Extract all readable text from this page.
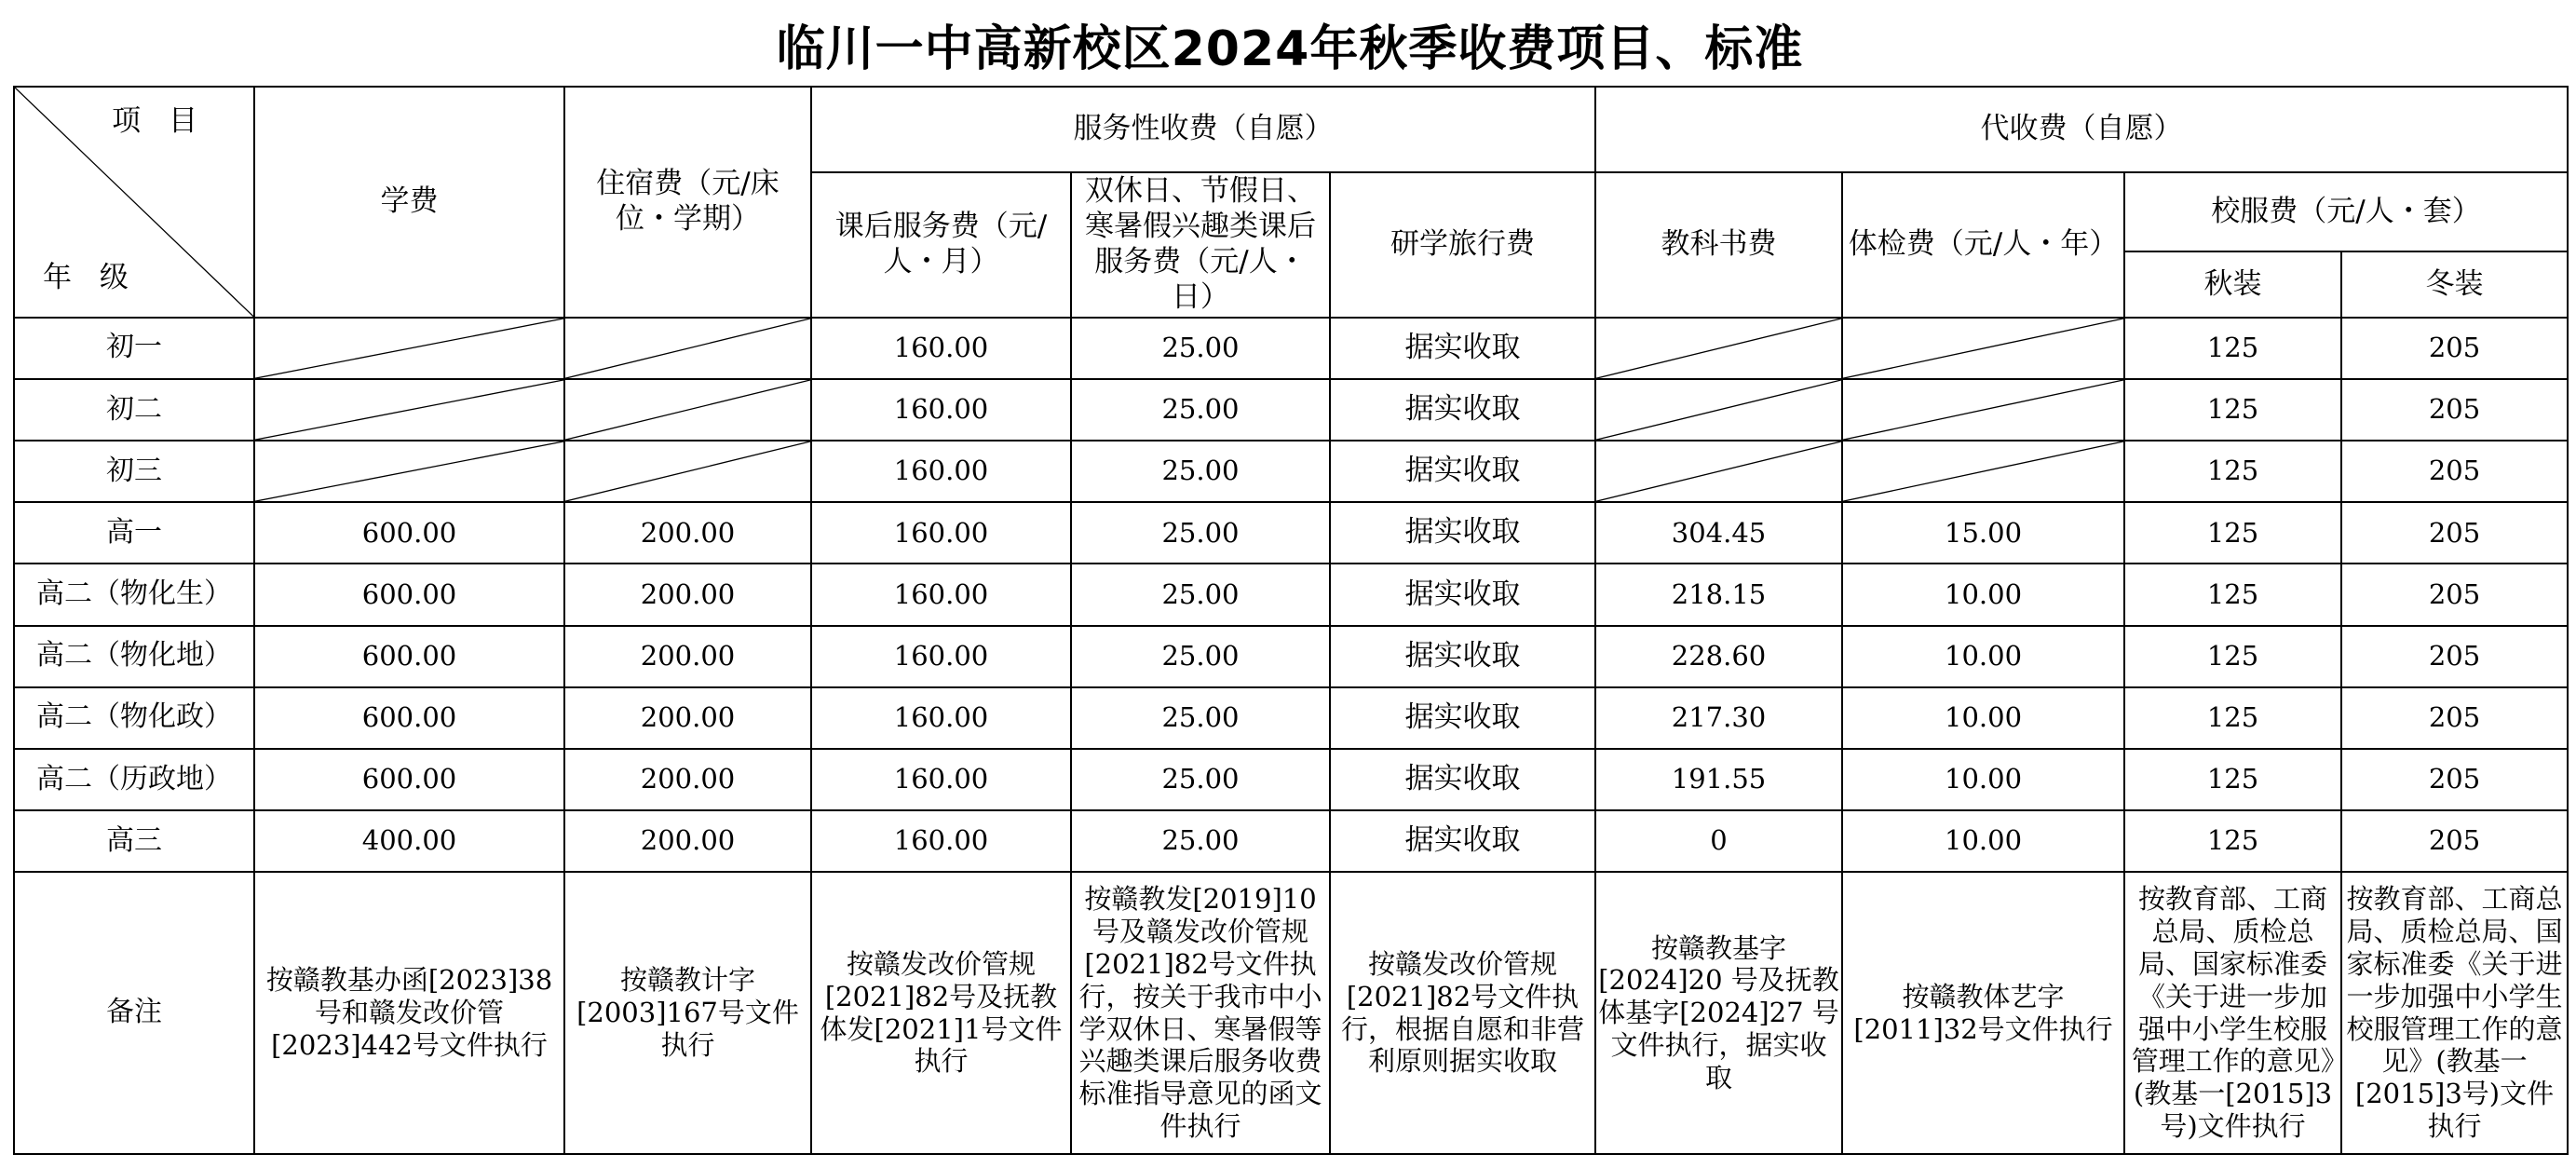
临川一中高新校区2024年秋季收费项目、标准
项 目
年 级	学费	住宿费（元/床位・学期）	服务性收费（自愿）			代收费（自愿）			
			课后服务费（元/人・月）	双休日、节假日、寒暑假兴趣类课后服务费（元/人・日）	研学旅行费	教科书费	体检费（元/人・年）	校服费（元/人・套）	
								秋装	冬装
初一			160.00	25.00	据实收取			125	205
初二			160.00	25.00	据实收取			125	205
初三			160.00	25.00	据实收取			125	205
高一	600.00	200.00	160.00	25.00	据实收取	304.45	15.00	125	205
高二（物化生）	600.00	200.00	160.00	25.00	据实收取	218.15	10.00	125	205
高二（物化地）	600.00	200.00	160.00	25.00	据实收取	228.60	10.00	125	205
高二（物化政）	600.00	200.00	160.00	25.00	据实收取	217.30	10.00	125	205
高二（历政地）	600.00	200.00	160.00	25.00	据实收取	191.55	10.00	125	205
高三	400.00	200.00	160.00	25.00	据实收取	0	10.00	125	205
备注	按赣教基办函[2023]38号和赣发改价管[2023]442号文件执行	按赣教计字[2003]167号文件执行	按赣发改价管规[2021]82号及抚教体发[2021]1号文件执行	按赣教发[2019]10号及赣发改价管规[2021]82号文件执行，按关于我市中小学双休日、寒暑假等兴趣类课后服务收费标准指导意见的函文件执行	按赣发改价管规[2021]82号文件执行，根据自愿和非营利原则据实收取	按赣教基字[2024]20 号及抚教体基字[2024]27 号文件执行，据实收取	按赣教体艺字[2011]32号文件执行	按教育部、工商总局、质检总局、国家标准委《关于进一步加强中小学生校服管理工作的意见》(教基一[2015]3号)文件执行	按教育部、工商总局、质检总局、国家标准委《关于进一步加强中小学生校服管理工作的意见》(教基一[2015]3号)文件执行
